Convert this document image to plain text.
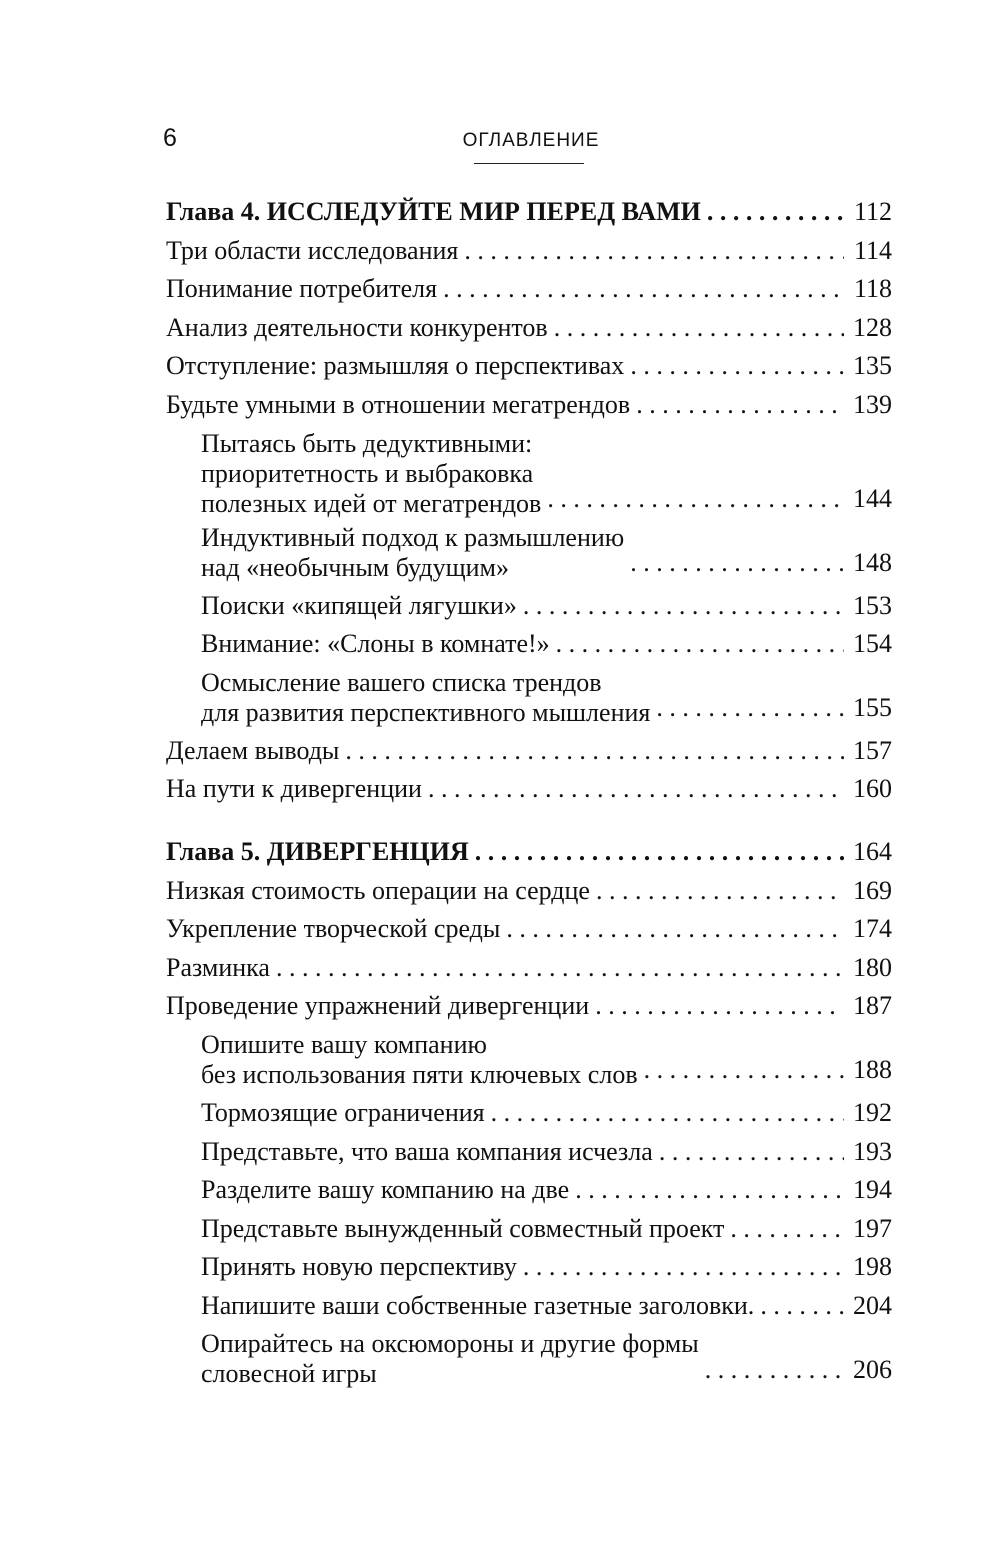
6	ОГЛАВЛЕНИЕ
Глава 4. ИССЛЕДУЙТЕ МИР ПЕРЕД ВАМИ . . .	112
Три области исследования . . .	114
Понимание потребителя . . .	118
Анализ деятельности конкурентов . . .	128
Отступление: размышляя о перспективах . . .	135
Будьте умными в отношении мегатрендов . . .	139
Пытаясь быть дедуктивными:
приоритетность и выбраковка
полезных идей от мегатрендов . . .	144
Индуктивный подход к размышлению
над «необычным будущим» . . .	148
Поиски «кипящей лягушки» . . .	153
Внимание: «Слоны в комнате!» . . .	154
Осмысление вашего списка трендов
для развития перспективного мышления . . .	155
Делаем выводы . . .	157
На пути к дивергенции . . .	160
Глава 5. ДИВЕРГЕНЦИЯ . . .	164
Низкая стоимость операции на сердце . . .	169
Укрепление творческой среды . . .	174
Разминка . . .	180
Проведение упражнений дивергенции . . .	187
Опишите вашу компанию
без использования пяти ключевых слов . . .	188
Тормозящие ограничения . . .	192
Представьте, что ваша компания исчезла . . .	193
Разделите вашу компанию на две . . .	194
Представьте вынужденный совместный проект . . .	197
Принять новую перспективу . . .	198
Напишите ваши собственные газетные заголовки. . . .	204
Опирайтесь на оксюмороны и другие формы
словесной игры . . .	206
